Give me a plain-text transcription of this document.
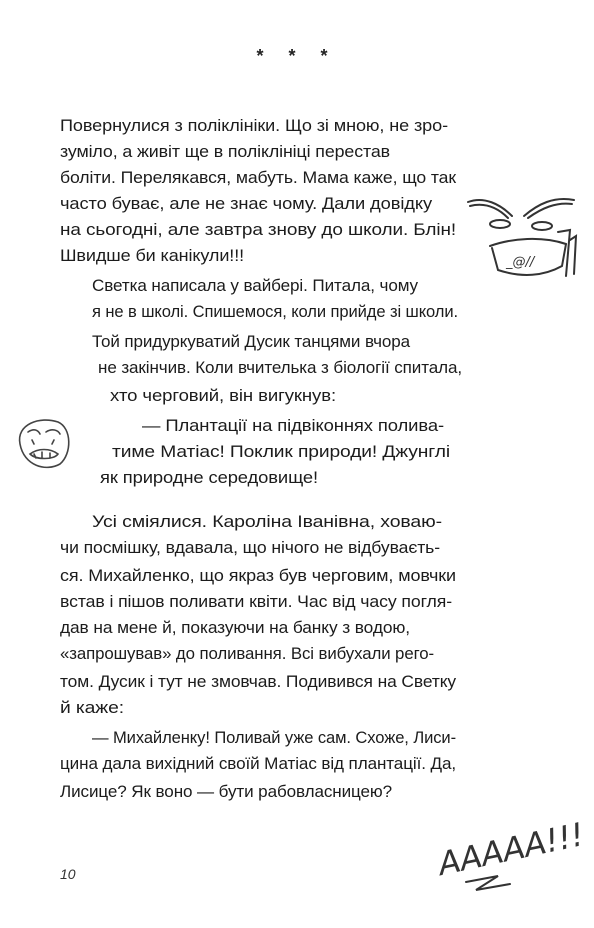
* * *
Повернулися з поліклініки. Що зі мною, не зро-
зуміло, а живіт ще в поліклініці перестав
боліти. Перелякався, мабуть. Мама каже, що так
часто буває, але не знає чому. Дали довідку
на сьогодні, але завтра знову до школи. Блін!
Швидше би канікули!!!
Светка написала у вайбері. Питала, чому
я не в школі. Спишемося, коли прийде зі школи.
Той придуркуватий Дусик танцями вчора
не закінчив. Коли вчителька з біології спитала,
хто черговий, він вигукнув:
— Плантації на підвіконнях полива-
тиме Матіас! Поклик природи! Джунглі
як природне середовище!
Усі сміялися. Кароліна Іванівна, ховаю-
чи посмішку, вдавала, що нічого не відбуваєть-
ся. Михайленко, що якраз був черговим, мовчки
встав і пішов поливати квіти. Час від часу погля-
дав на мене й, показуючи на банку з водою,
«запрошував» до поливання. Всі вибухали рего-
том. Дусик і тут не змовчав. Подивився на Светку
й каже:
— Михайленку! Поливай уже сам. Схоже, Лиси-
цина дала вихідний своїй Матіас від плантації. Да,
Лисице? Як воно — бути рабовласницею?
_@//
ААААА!!!
10
